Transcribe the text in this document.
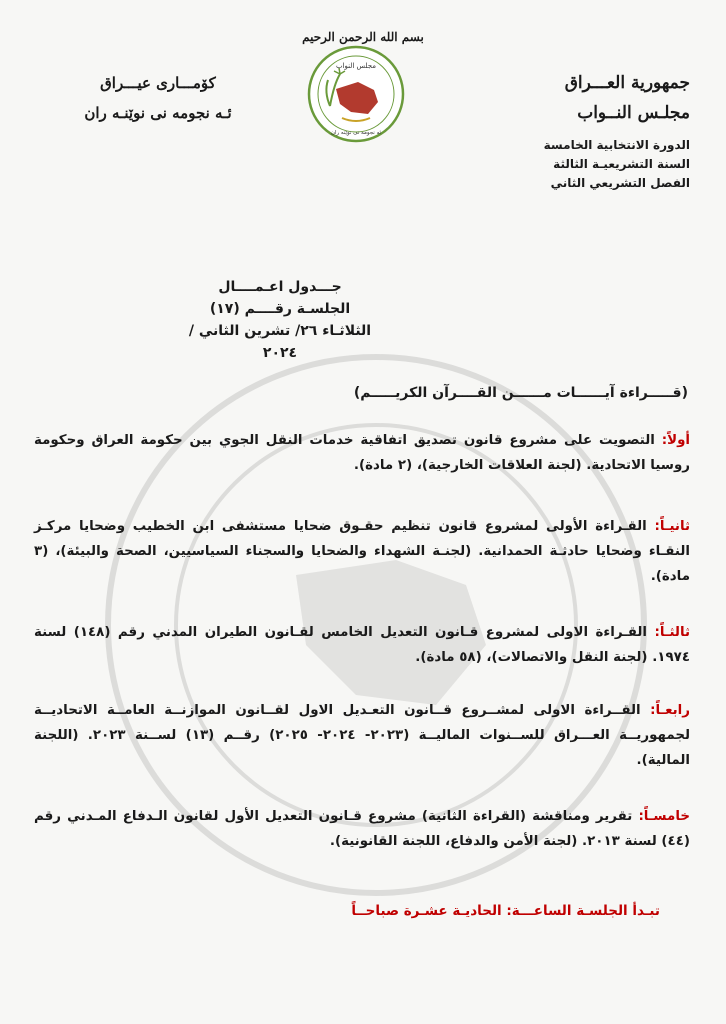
بسم الله الرحمن الرحيم
جمهورية العـــراق
مجلـس النــواب
الدورة الانتخابية الخامسة
السنة التشريعيـة الثالثة
الفصل التشريعي الثاني
كۆمـــاری عیـــراق
ئـه نجومه نى نوێنـه ران
مجلس النواب
ئه نجومه نى نوێنه ران
جـــدول اعـمــــال
الجلسـة رقــــم (١٧)
الثلاثـاء ٢٦/ تشرين الثاني / ٢٠٢٤
(قـــــراءة آيــــــات مــــــن القــــرآن الكريـــــم)
أولاً: التصويت على مشروع قانون تصديق اتفاقية خدمات النقل الجوي بين حكومة العراق وحكومة روسيا الاتحادية. (لجنة العلاقات الخارجية)، (٢ مادة).
ثانيـاً: القـراءة الأولى لمشروع قانون تنظيم حقـوق ضحايا مستشفى ابن الخطيب وضحايا مركـز النقـاء وضحايا حادثـة الحمدانية. (لجنـة الشهداء والضحايا والسجناء السياسيين، الصحة والبيئة)، (٣ مادة).
ثالثـاً: القـراءة الاولى لمشروع قـانون التعديل الخامس لقـانون الطيران المدني رقم (١٤٨) لسنة ١٩٧٤. (لجنة النقل والاتصالات)، (٥٨ مادة).
رابعـاً: القــراءة الاولى لمشــروع قــانون التعـديل الاول لقــانون الموازنــة العامــة الاتحاديــة لجمهوريــة العـــراق للســنوات الماليــة (٢٠٢٣- ٢٠٢٤- ٢٠٢٥) رقــم (١٣) لســنة ٢٠٢٣. (اللجنة المالية).
خامسـاً: تقرير ومناقشة (القراءة الثانية) مشروع قـانون التعديل الأول لقانون الـدفاع المـدني رقم (٤٤) لسنة ٢٠١٣. (لجنة الأمن والدفاع، اللجنة القانونية).
تبـدأ الجلسـة الساعـــة: الحاديـة عشـرة صباحــاً
